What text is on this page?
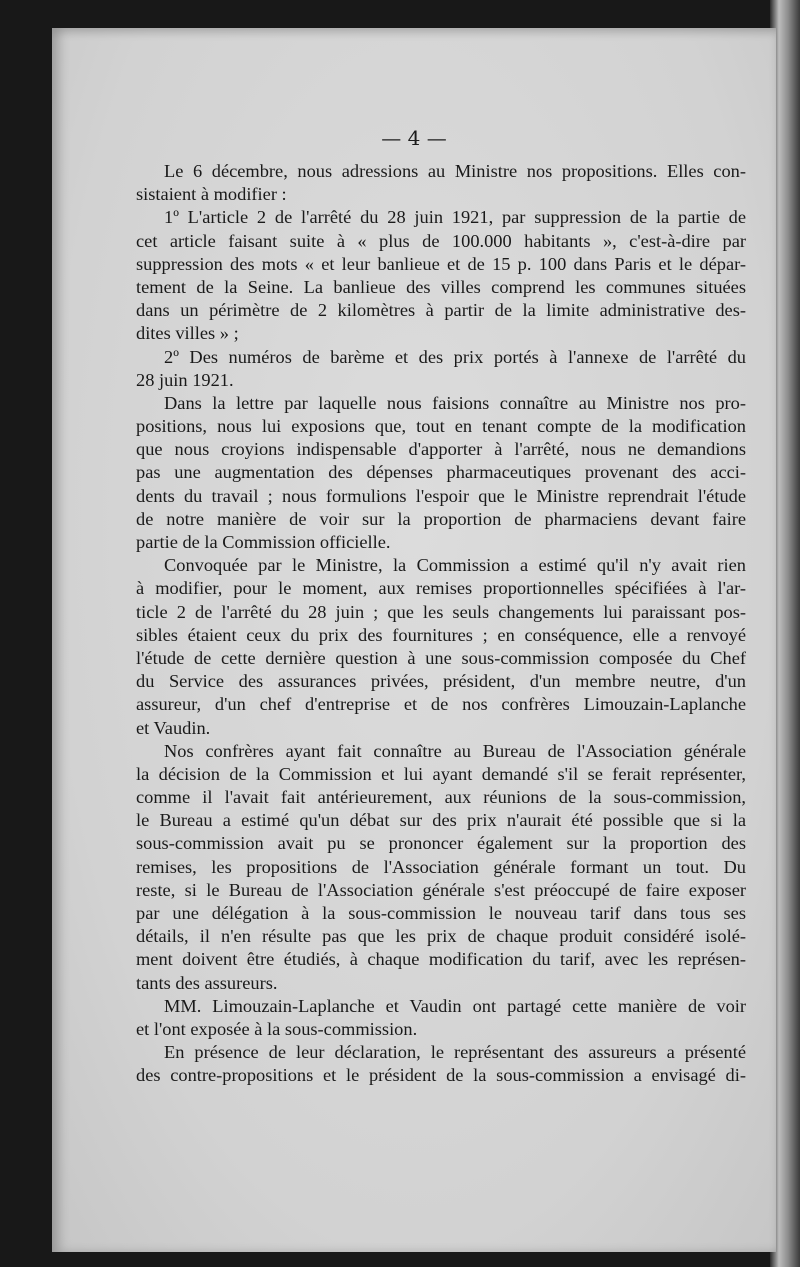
— 4 —
Le 6 décembre, nous adressions au Ministre nos propositions. Elles con-
sistaient à modifier :
1º L'article 2 de l'arrêté du 28 juin 1921, par suppression de la partie de
cet article faisant suite à « plus de 100.000 habitants », c'est-à-dire par
suppression des mots « et leur banlieue et de 15 p. 100 dans Paris et le dépar-
tement de la Seine. La banlieue des villes comprend les communes situées
dans un périmètre de 2 kilomètres à partir de la limite administrative des-
dites villes » ;
2º Des numéros de barème et des prix portés à l'annexe de l'arrêté du
28 juin 1921.
Dans la lettre par laquelle nous faisions connaître au Ministre nos pro-
positions, nous lui exposions que, tout en tenant compte de la modification
que nous croyions indispensable d'apporter à l'arrêté, nous ne demandions
pas une augmentation des dépenses pharmaceutiques provenant des acci-
dents du travail ; nous formulions l'espoir que le Ministre reprendrait l'étude
de notre manière de voir sur la proportion de pharmaciens devant faire
partie de la Commission officielle.
Convoquée par le Ministre, la Commission a estimé qu'il n'y avait rien
à modifier, pour le moment, aux remises proportionnelles spécifiées à l'ar-
ticle 2 de l'arrêté du 28 juin ; que les seuls changements lui paraissant pos-
sibles étaient ceux du prix des fournitures ; en conséquence, elle a renvoyé
l'étude de cette dernière question à une sous-commission composée du Chef
du Service des assurances privées, président, d'un membre neutre, d'un
assureur, d'un chef d'entreprise et de nos confrères Limouzain-Laplanche
et Vaudin.
Nos confrères ayant fait connaître au Bureau de l'Association générale
la décision de la Commission et lui ayant demandé s'il se ferait représenter,
comme il l'avait fait antérieurement, aux réunions de la sous-commission,
le Bureau a estimé qu'un débat sur des prix n'aurait été possible que si la
sous-commission avait pu se prononcer également sur la proportion des
remises, les propositions de l'Association générale formant un tout. Du
reste, si le Bureau de l'Association générale s'est préoccupé de faire exposer
par une délégation à la sous-commission le nouveau tarif dans tous ses
détails, il n'en résulte pas que les prix de chaque produit considéré isolé-
ment doivent être étudiés, à chaque modification du tarif, avec les représen-
tants des assureurs.
MM. Limouzain-Laplanche et Vaudin ont partagé cette manière de voir
et l'ont exposée à la sous-commission.
En présence de leur déclaration, le représentant des assureurs a présenté
des contre-propositions et le président de la sous-commission a envisagé di-
